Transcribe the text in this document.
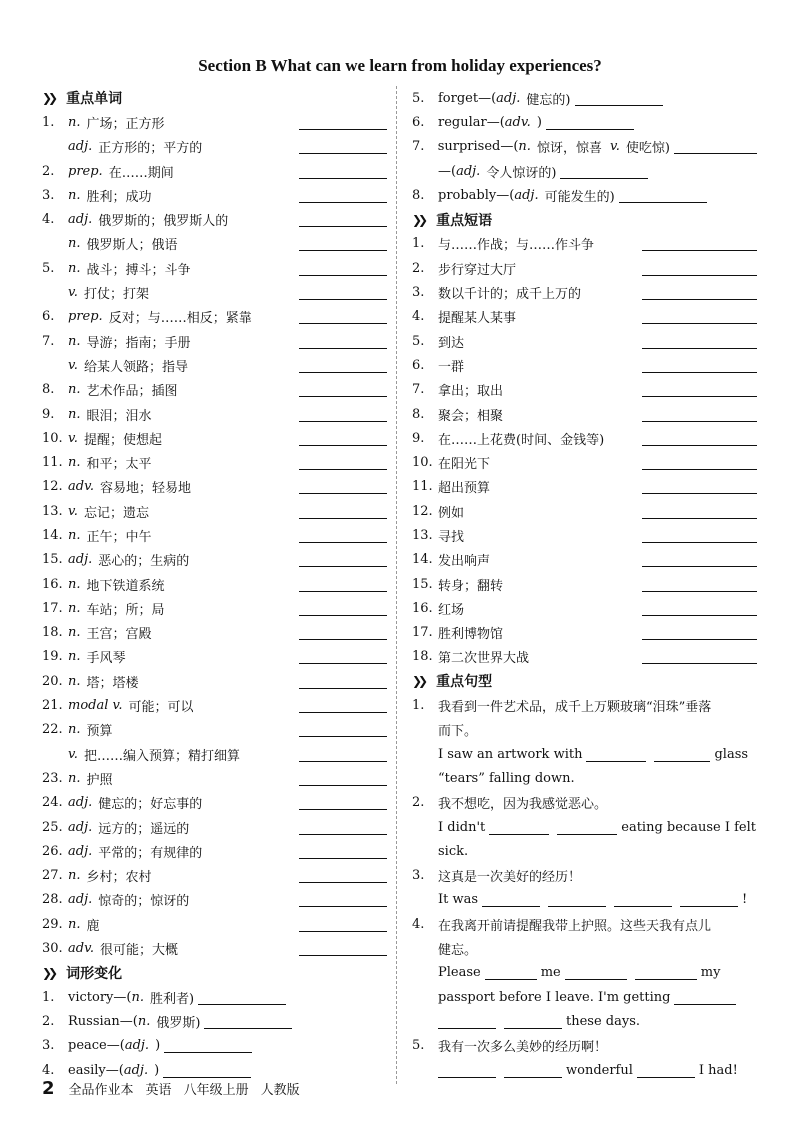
Section B What can we learn from holiday experiences?
❯❯ 重点单词
1.	n. 广场；正方形
adj. 正方形的；平方的
2.	prep. 在……期间
3.	n. 胜利；成功
4.	adj. 俄罗斯的；俄罗斯人的
n. 俄罗斯人；俄语
5.	n. 战斗；搏斗；斗争
v. 打仗；打架
6.	prep. 反对；与……相反；紧靠
7.	n. 导游；指南；手册
v. 给某人领路；指导
8.	n. 艺术作品；插图
9.	n. 眼泪；泪水
10. v. 提醒；使想起
11. n. 和平；太平
12. adv. 容易地；轻易地
13. v. 忘记；遗忘
14. n. 正午；中午
15. adj. 恶心的；生病的
16. n. 地下铁道系统
17. n. 车站；所；局
18. n. 王宫；宫殿
19. n. 手风琴
20. n. 塔；塔楼
21. modal v. 可能；可以
22. n. 预算
v. 把……编入预算；精打细算
23. n. 护照
24. adj. 健忘的；好忘事的
25. adj. 远方的；遥远的
26. adj. 平常的；有规律的
27. n. 乡村；农村
28. adj. 惊奇的；惊讶的
29. n. 鹿
30. adv. 很可能；大概
❯❯ 词形变化
1.	victory—( n. 胜利者)
2.	Russian—( n. 俄罗斯)
3.	peace—( adj. )
4.	easily—( adj. )
5.	forget—( adj. 健忘的)
6.	regular—( adv. )
7.	surprised—( n. 惊讶，惊喜 v. 使吃惊)
—( adj. 令人惊讶的)
8.	probably—( adj. 可能发生的)
❯❯ 重点短语
1.	与……作战；与……作斗争
2.	步行穿过大厅
3.	数以千计的；成千上万的
4.	提醒某人某事
5.	到达
6.	一群
7.	拿出；取出
8.	聚会；相聚
9.	在……上花费(时间、金钱等)
10. 在阳光下
11. 超出预算
12. 例如
13. 寻找
14. 发出响声
15. 转身；翻转
16. 红场
17. 胜利博物馆
18. 第二次世界大战
❯❯ 重点句型
1.	我看到一件艺术品，成千上万颗玻璃“泪珠”垂落
而下。
I saw an artwork with	glass
“tears” falling down.
2.	我不想吃，因为我感觉恶心。
I didn't	eating because I felt
sick.
3.	这真是一次美好的经历！
It was	!
4.	在我离开前请提醒我带上护照。这些天我有点儿
健忘。
Please	me	my
passport before I leave. I'm getting
these days.
5.	我有一次多么美妙的经历啊！
wonderful	I had!
2 全品作业本 英语 八年级上册 人教版
